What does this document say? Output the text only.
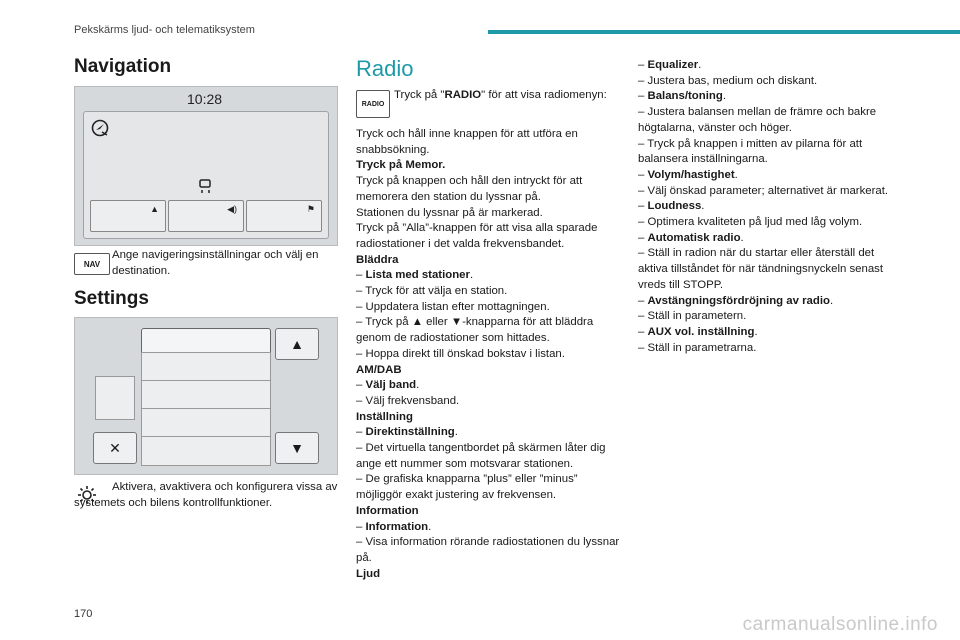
Pekskärms ljud- och telematiksystem
Navigation
10:28
▲	◀)	⚑
NAV
Ange navigeringsinställningar och välj en destination.
Settings
✕
▲
▼
Aktivera, avaktivera och konfigurera vissa av systemets och bilens kontrollfunktioner.
Radio
RADIO
Tryck på "RADIO" för att visa radiomenyn:

Tryck och håll inne knappen för att utföra en snabbsökning.

Tryck på Memor.

Tryck på knappen och håll den intryckt för att memorera den station du lyssnar på.

Stationen du lyssnar på är markerad.

Tryck på ”Alla”-knappen för att visa alla sparade radiostationer i det valda frekvensbandet.

Bläddra

– Lista med stationer.

– Tryck för att välja en station.

– Uppdatera listan efter mottagningen.

– Tryck på ▲ eller ▼-knapparna för att bläddra genom de radiostationer som hittades.

– Hoppa direkt till önskad bokstav i listan.

AM/DAB

– Välj band.

– Välj frekvensband.

Inställning

– Direktinställning.

– Det virtuella tangentbordet på skärmen låter dig ange ett nummer som motsvarar stationen.

– De grafiska knapparna ”plus” eller ”minus” möjliggör exakt justering av frekvensen.

Information

– Information.

– Visa information rörande radiostationen du lyssnar på.

Ljud

– Equalizer.

– Justera bas, medium och diskant.

– Balans/toning.

– Justera balansen mellan de främre och bakre högtalarna, vänster och höger.

– Tryck på knappen i mitten av pilarna för att balansera inställningarna.

– Volym/hastighet.

– Välj önskad parameter; alternativet är markerat.

– Loudness.

– Optimera kvaliteten på ljud med låg volym.

– Automatisk radio.

– Ställ in radion när du startar eller återställ det aktiva tillståndet för när tändningsnyckeln senast vreds till STOPP.

– Avstängningsfördröjning av radio.

– Ställ in parametern.

– AUX vol. inställning.

– Ställ in parametrarna.

170	carmanualsonline.info
